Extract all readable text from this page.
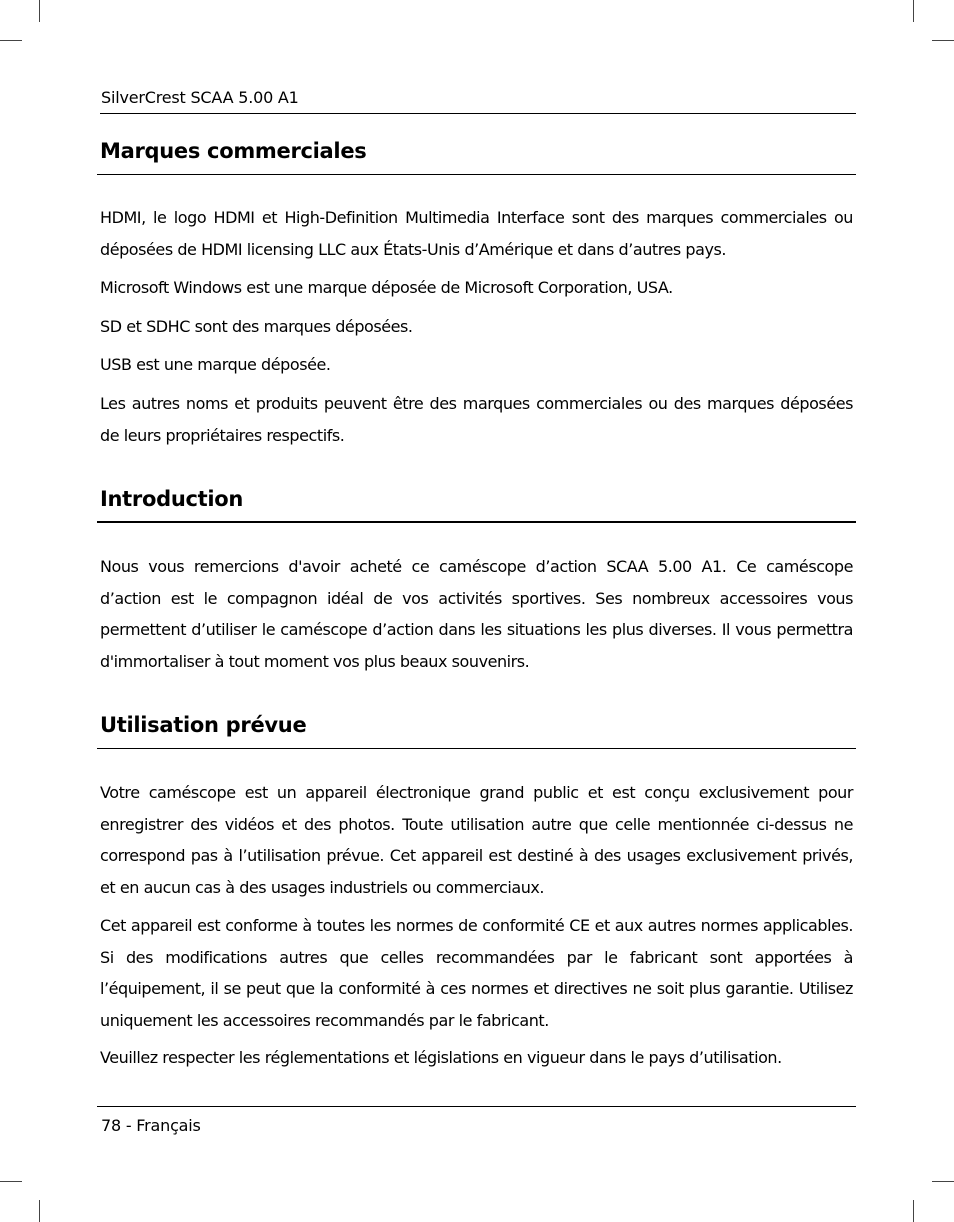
SilverCrest SCAA 5.00 A1
Marques commerciales

HDMI, le logo HDMI et High-Definition Multimedia Interface sont des marques commerciales ou déposées de HDMI licensing LLC aux États-Unis d’Amérique et dans d’autres pays.

Microsoft Windows est une marque déposée de Microsoft Corporation, USA.

SD et SDHC sont des marques déposées.

USB est une marque déposée.

Les autres noms et produits peuvent être des marques commerciales ou des marques déposées de leurs propriétaires respectifs.

Introduction

Nous vous remercions d'avoir acheté ce caméscope d’action SCAA 5.00 A1. Ce caméscope d’action est le compagnon idéal de vos activités sportives. Ses nombreux accessoires vous permettent d’utiliser le caméscope d’action dans les situations les plus diverses. Il vous permettra d'immortaliser à tout moment vos plus beaux souvenirs.

Utilisation prévue

Votre caméscope est un appareil électronique grand public et est conçu exclusivement pour enregistrer des vidéos et des photos. Toute utilisation autre que celle mentionnée ci-dessus ne correspond pas à l’utilisation prévue. Cet appareil est destiné à des usages exclusivement privés, et en aucun cas à des usages industriels ou commerciaux.

Cet appareil est conforme à toutes les normes de conformité CE et aux autres normes applicables. Si des modifications autres que celles recommandées par le fabricant sont apportées à l’équipement, il se peut que la conformité à ces normes et directives ne soit plus garantie. Utilisez uniquement les accessoires recommandés par le fabricant.

Veuillez respecter les réglementations et législations en vigueur dans le pays d’utilisation.

78 - Français
